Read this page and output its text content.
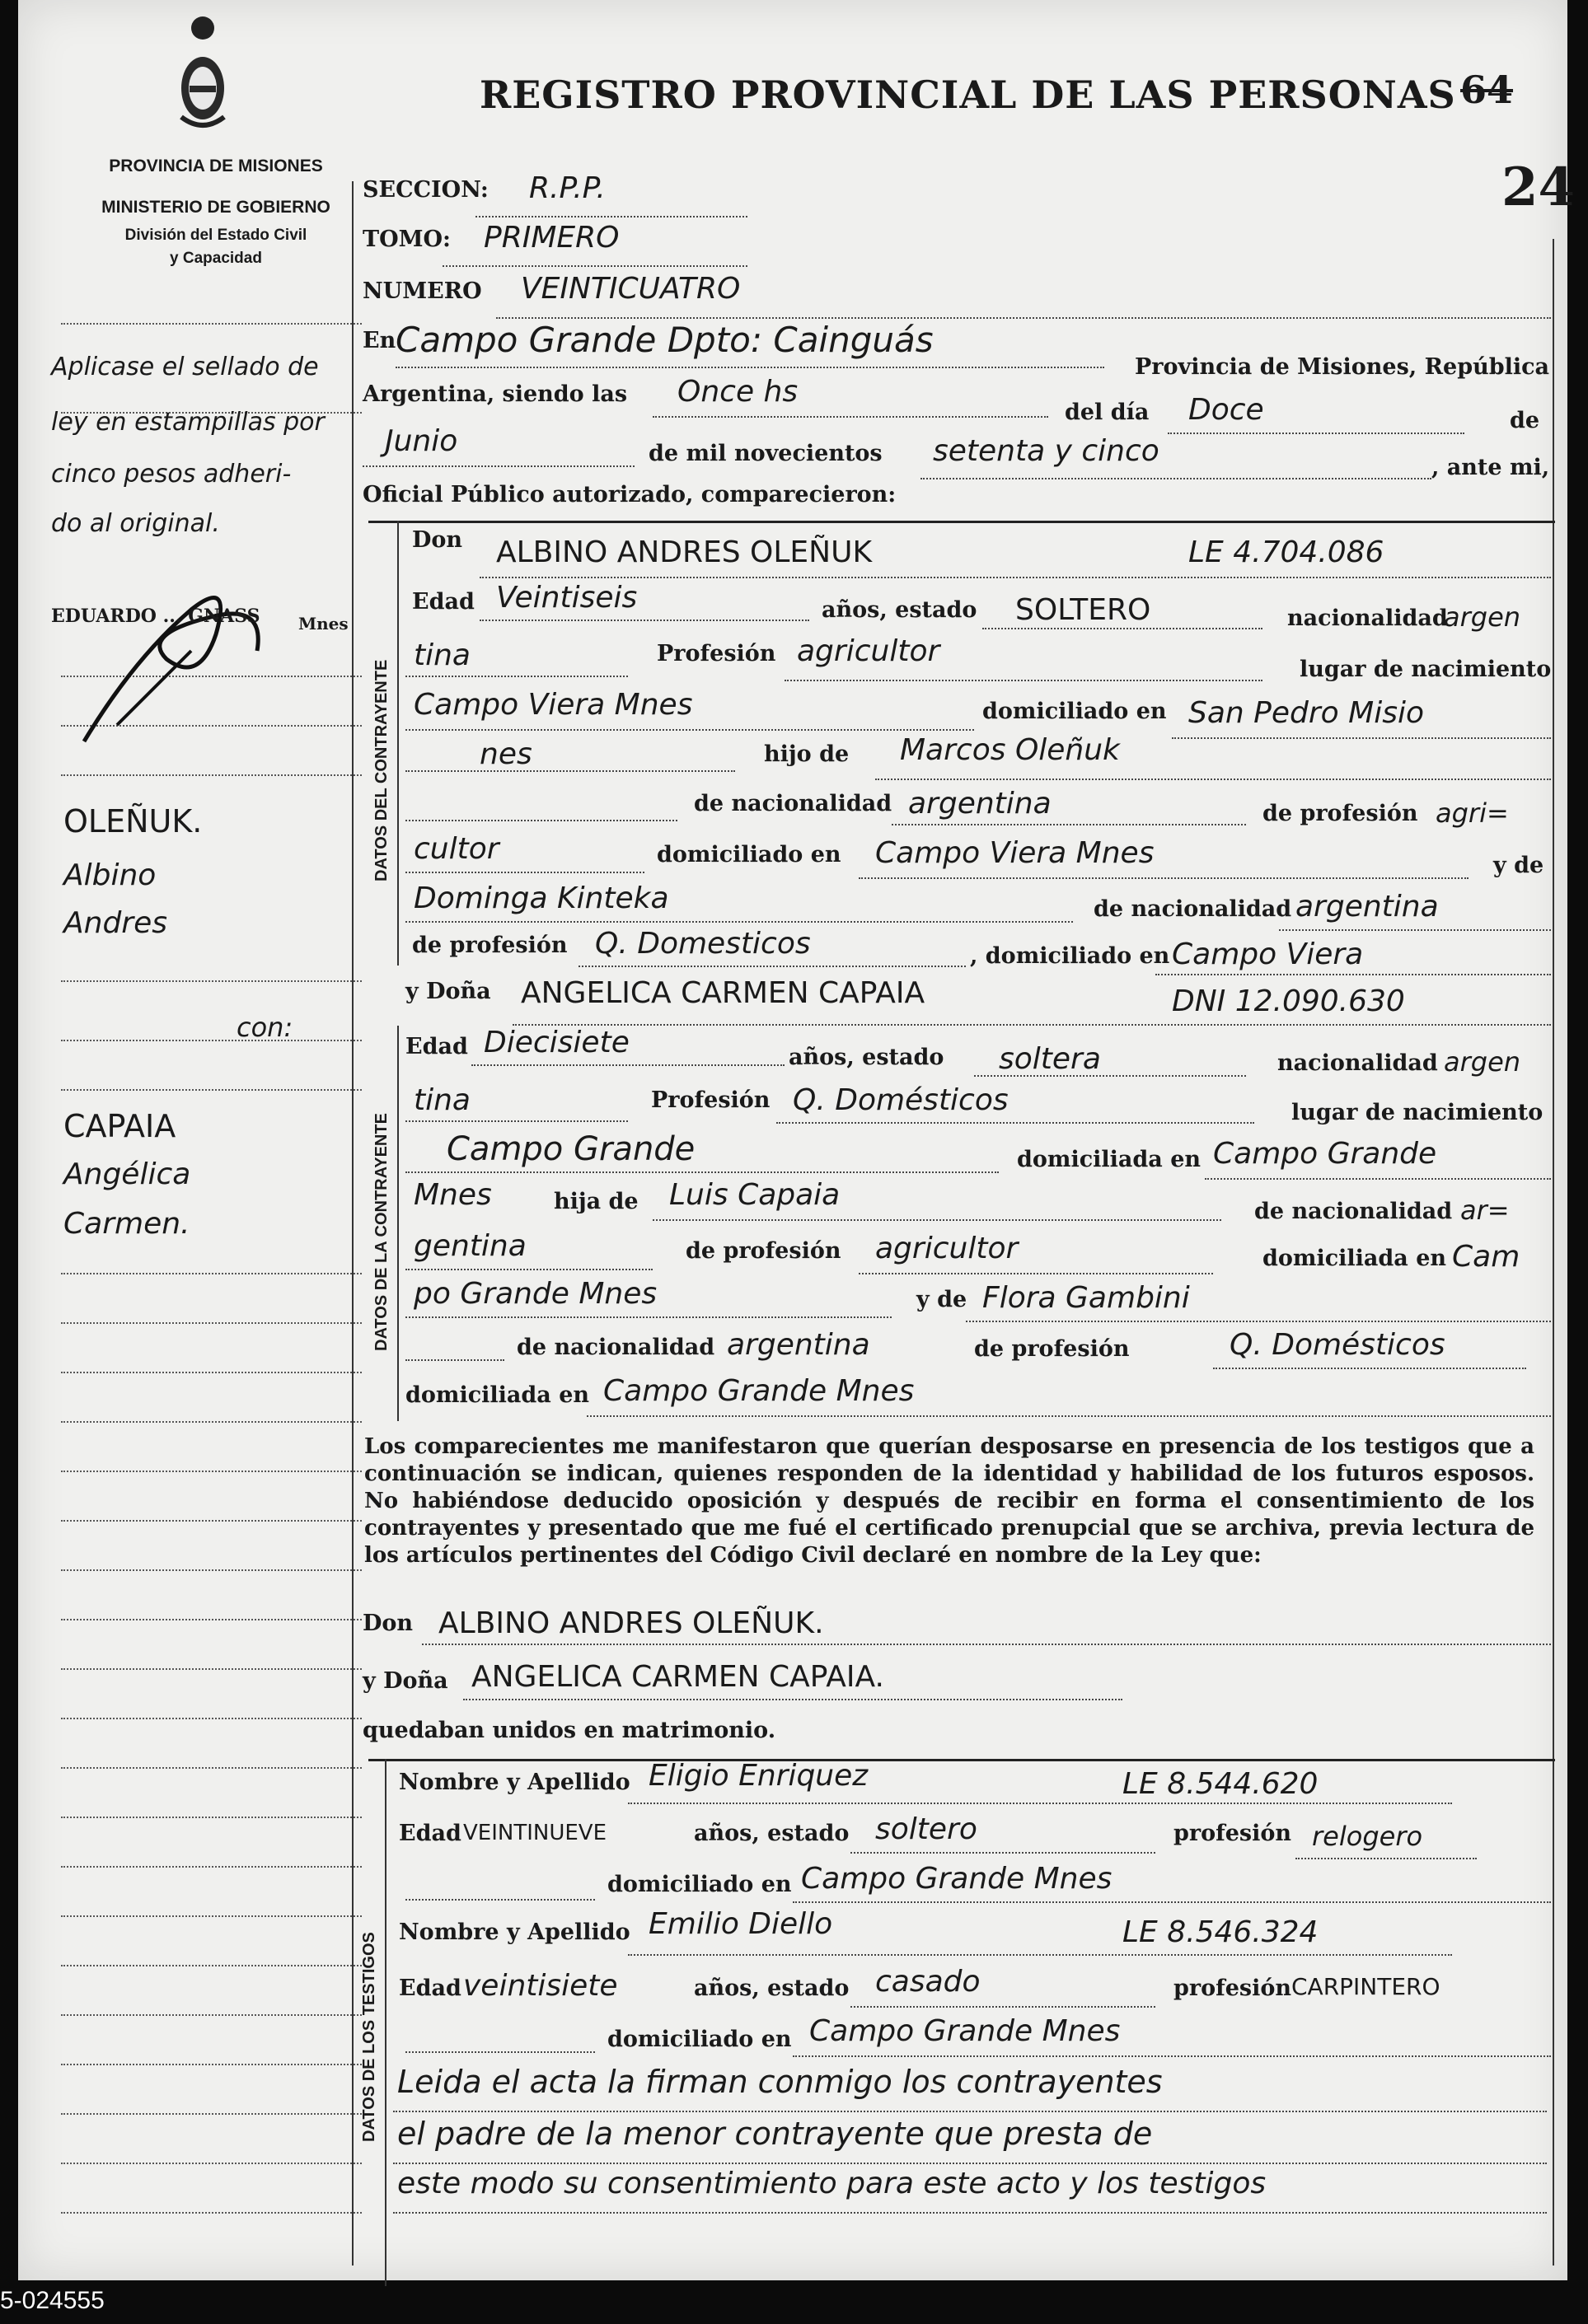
PROVINCIA DE MISIONES
MINISTERIO DE GOBIERNO
División del Estado Civil
y Capacidad
REGISTRO PROVINCIAL DE LAS PERSONAS 64
24
Aplicase el sellado de
ley en estampillas por
cinco pesos adheri-
do al original.
EDUARDO ... GNASS Mnes
OLEÑUK.
Albino
Andres
con:
CAPAIA
Angélica
Carmen.
SECCION: R.P.P.
TOMO: PRIMERO
NUMERO VEINTICUATRO
En Campo Grande Dpto: Cainguás
Provincia de Misiones, República
Argentina, siendo las Once hs
del día Doce	de
Junio	de mil novecientos setenta y cinco	, ante mi,
Oficial Público autorizado, comparecieron:
DATOS DEL CONTRAYENTE
Don ALBINO ANDRES OLEÑUK	LE 4.704.086
Edad Veintiseis	años, estado SOLTERO	nacionalidad
argen
tina	Profesión agricultor
lugar de nacimiento
Campo Viera Mnes	domiciliado en San Pedro Misio
nes	hijo de Marcos Oleñuk
de nacionalidad argentina	de profesión agri=
cultor	domiciliado en Campo Viera Mnes	y de
Dominga Kinteka	de nacionalidad argentina
de profesión Q. Domesticos	, domiciliado en Campo Viera
y Doña ANGELICA CARMEN CAPAIA	DNI 12.090.630
DATOS DE LA CONTRAYENTE
Edad Diecisiete	años, estado soltera	nacionalidad argen
tina	Profesión Q. Domésticos	lugar de nacimiento
Campo Grande	domiciliada en Campo Grande
Mnes	hija de Luis Capaia	de nacionalidad ar=
gentina	de profesión agricultor	domiciliada en Cam
po Grande Mnes	y de Flora Gambini
de nacionalidad argentina	de profesión	Q. Domésticos
domiciliada en Campo Grande Mnes
Los comparecientes me manifestaron que querían desposarse en presencia de los testigos que a continuación se indican, quienes responden de la identidad y habilidad de los futuros esposos. No habiéndose deducido oposición y después de recibir en forma el consentimiento de los contrayentes y presentado que me fué el certificado prenupcial que se archiva, previa lectura de los artículos pertinentes del Código Civil declaré en nombre de la Ley que:
Don ALBINO ANDRES OLEÑUK.
y Doña ANGELICA CARMEN CAPAIA.
quedaban unidos en matrimonio.
DATOS DE LOS TESTIGOS
Nombre y Apellido Eligio Enriquez	LE 8.544.620
Edad VEINTINUEVE	años, estado soltero	profesión relogero
domiciliado en Campo Grande Mnes
Nombre y Apellido Emilio Diello	LE 8.546.324
Edad veintisiete	años, estado casado	profesión CARPINTERO
domiciliado en Campo Grande Mnes
Leida el acta la firman conmigo los contrayentes
el padre de la menor contrayente que presta de
este modo su consentimiento para este acto y los testigos
5-024555
